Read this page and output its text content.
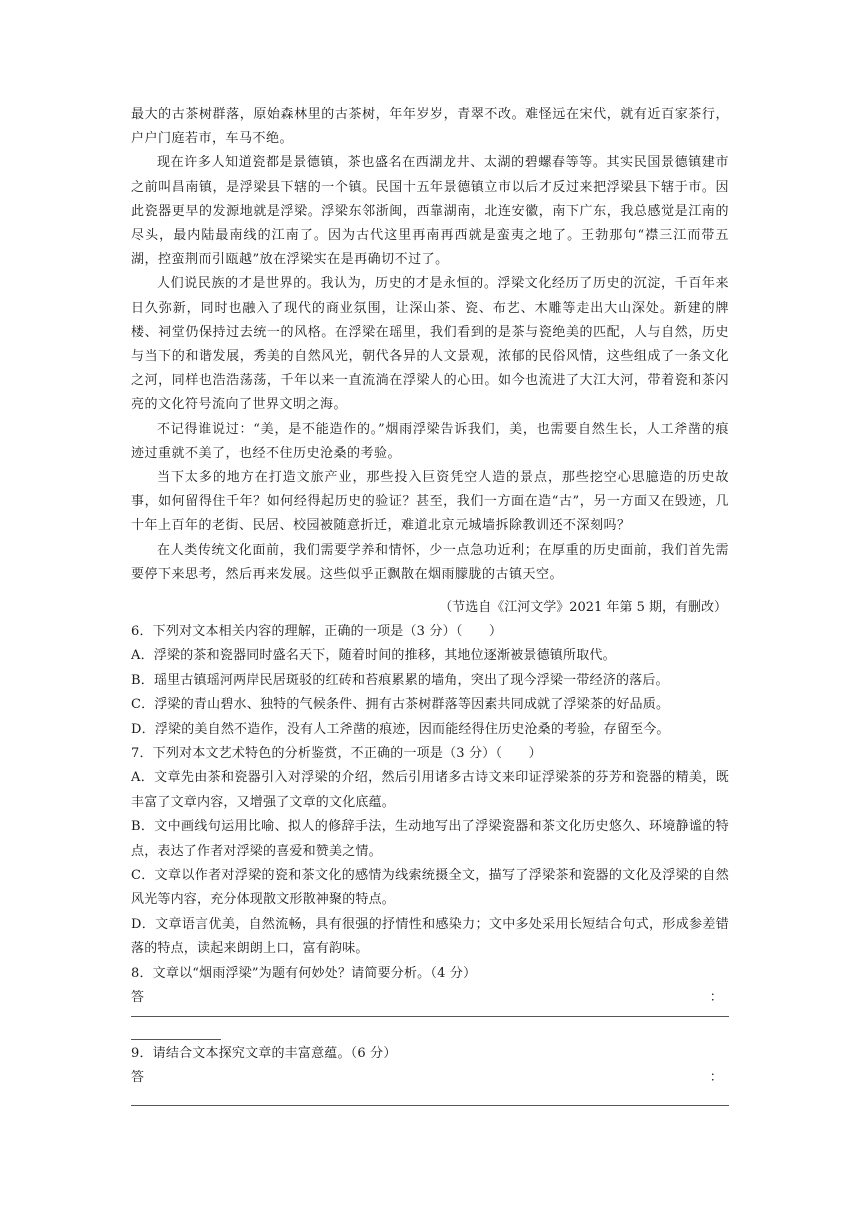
最大的古茶树群落，原始森林里的古茶树，年年岁岁，青翠不改。难怪远在宋代，就有近百家茶行，户户门庭若市，车马不绝。

现在许多人知道瓷都是景德镇，茶也盛名在西湖龙井、太湖的碧螺春等等。其实民国景德镇建市之前叫昌南镇，是浮梁县下辖的一个镇。民国十五年景德镇立市以后才反过来把浮梁县下辖于市。因此瓷器更早的发源地就是浮梁。浮梁东邻浙闽，西靠湖南，北连安徽，南下广东，我总感觉是江南的尽头，最内陆最南线的江南了。因为古代这里再南再西就是蛮夷之地了。王勃那句“襟三江而带五湖，控蛮荆而引瓯越”放在浮梁实在是再确切不过了。

人们说民族的才是世界的。我认为，历史的才是永恒的。浮梁文化经历了历史的沉淀，千百年来日久弥新，同时也融入了现代的商业氛围，让深山茶、瓷、布艺、木雕等走出大山深处。新建的牌楼、祠堂仍保持过去统一的风格。在浮梁在瑶里，我们看到的是茶与瓷绝美的匹配，人与自然，历史与当下的和谐发展，秀美的自然风光，朝代各异的人文景观，浓郁的民俗风情，这些组成了一条文化之河，同样也浩浩荡荡，千年以来一直流淌在浮梁人的心田。如今也流进了大江大河，带着瓷和茶闪亮的文化符号流向了世界文明之海。

不记得谁说过：“美，是不能造作的。”烟雨浮梁告诉我们，美，也需要自然生长，人工斧凿的痕迹过重就不美了，也经不住历史沧桑的考验。

当下太多的地方在打造文旅产业，那些投入巨资凭空人造的景点，那些挖空心思臆造的历史故事，如何留得住千年？如何经得起历史的验证？甚至，我们一方面在造“古”，另一方面又在毁迹，几十年上百年的老街、民居、校园被随意折迁，难道北京元城墙拆除教训还不深刻吗？

在人类传统文化面前，我们需要学养和情怀，少一点急功近利；在厚重的历史面前，我们首先需要停下来思考，然后再来发展。这些似乎正飘散在烟雨朦胧的古镇天空。

（节选自《江河文学》2021 年第 5 期，有删改）

6．下列对文本相关内容的理解，正确的一项是（3 分）（　　）

A．浮梁的茶和瓷器同时盛名天下，随着时间的推移，其地位逐渐被景德镇所取代。

B．瑶里古镇瑶河两岸民居斑驳的红砖和苔痕累累的墙角，突出了现今浮梁一带经济的落后。

C．浮梁的青山碧水、独特的气候条件、拥有古茶树群落等因素共同成就了浮梁茶的好品质。

D．浮梁的美自然不造作，没有人工斧凿的痕迹，因而能经得住历史沧桑的考验，存留至今。

7．下列对本文艺术特色的分析鉴赏，不正确的一项是（3 分）（　　）

A．文章先由茶和瓷器引入对浮梁的介绍，然后引用诸多古诗文来印证浮梁茶的芬芳和瓷器的精美，既丰富了文章内容，又增强了文章的文化底蕴。

B．文中画线句运用比喻、拟人的修辞手法，生动地写出了浮梁瓷器和茶文化历史悠久、环境静谧的特点，表达了作者对浮梁的喜爱和赞美之情。

C．文章以作者对浮梁的瓷和茶文化的感情为线索统摄全文，描写了浮梁茶和瓷器的文化及浮梁的自然风光等内容，充分体现散文形散神聚的特点。

D．文章语言优美，自然流畅，具有很强的抒情性和感染力；文中多处采用长短结合句式，形成参差错落的特点，读起来朗朗上口，富有韵味。

8．文章以“烟雨浮梁”为题有何妙处？请简要分析。（4 分）

答	：

9．请结合文本探究文章的丰富意蕴。（6 分）

答	：
